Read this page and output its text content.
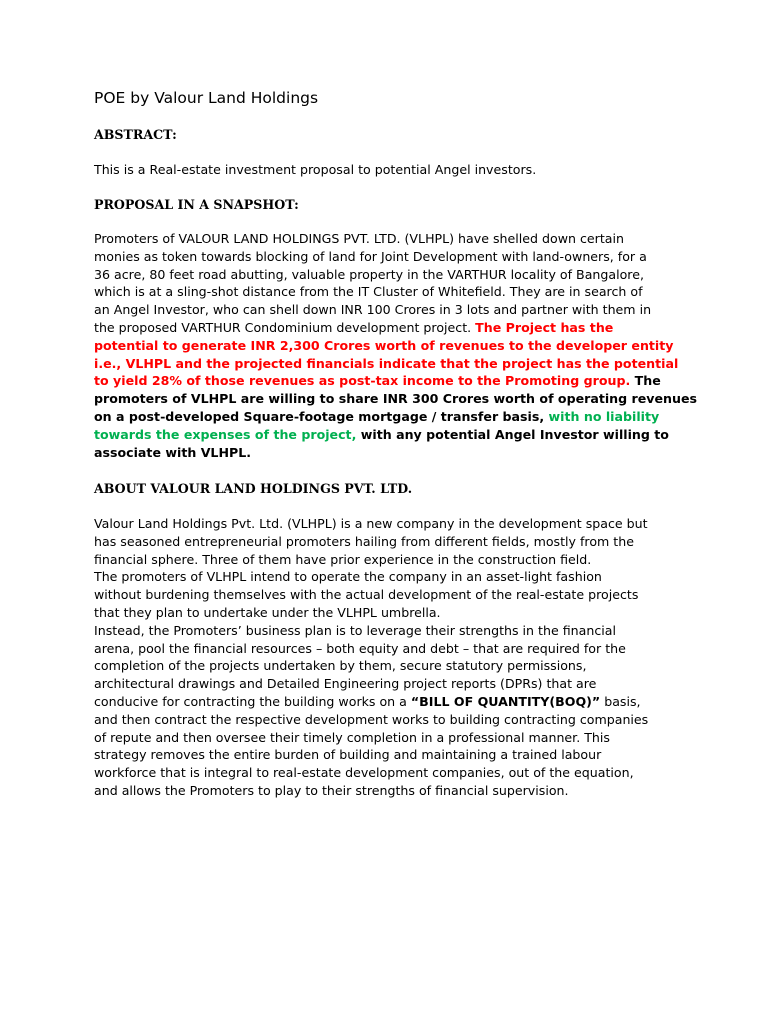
POE by Valour Land Holdings
ABSTRACT:

This is a Real-estate investment proposal to potential Angel investors.

PROPOSAL IN A SNAPSHOT:
Promoters of VALOUR LAND HOLDINGS PVT. LTD. (VLHPL) have shelled down certain
monies as token towards blocking of land for Joint Development with land-owners, for a
36 acre, 80 feet road abutting, valuable property in the VARTHUR locality of Bangalore,
which is at a sling-shot distance from the IT Cluster of Whitefield. They are in search of
an Angel Investor, who can shell down INR 100 Crores in 3 lots and partner with them in
the proposed VARTHUR Condominium development project. The Project has the
potential to generate INR 2,300 Crores worth of revenues to the developer entity
i.e., VLHPL and the projected financials indicate that the project has the potential
to yield 28% of those revenues as post-tax income to the Promoting group. The
promoters of VLHPL are willing to share INR 300 Crores worth of operating revenues
on a post-developed Square-footage mortgage / transfer basis, with no liability
towards the expenses of the project, with any potential Angel Investor willing to
associate with VLHPL.
ABOUT VALOUR LAND HOLDINGS PVT. LTD.
Valour Land Holdings Pvt. Ltd. (VLHPL) is a new company in the development space but
has seasoned entrepreneurial promoters hailing from different fields, mostly from the
financial sphere. Three of them have prior experience in the construction field.
The promoters of VLHPL intend to operate the company in an asset-light fashion
without burdening themselves with the actual development of the real-estate projects
that they plan to undertake under the VLHPL umbrella.
Instead, the Promoters’ business plan is to leverage their strengths in the financial
arena, pool the financial resources – both equity and debt – that are required for the
completion of the projects undertaken by them, secure statutory permissions,
architectural drawings and Detailed Engineering project reports (DPRs) that are
conducive for contracting the building works on a “BILL OF QUANTITY(BOQ)” basis,
and then contract the respective development works to building contracting companies
of repute and then oversee their timely completion in a professional manner. This
strategy removes the entire burden of building and maintaining a trained labour
workforce that is integral to real-estate development companies, out of the equation,
and allows the Promoters to play to their strengths of financial supervision.
